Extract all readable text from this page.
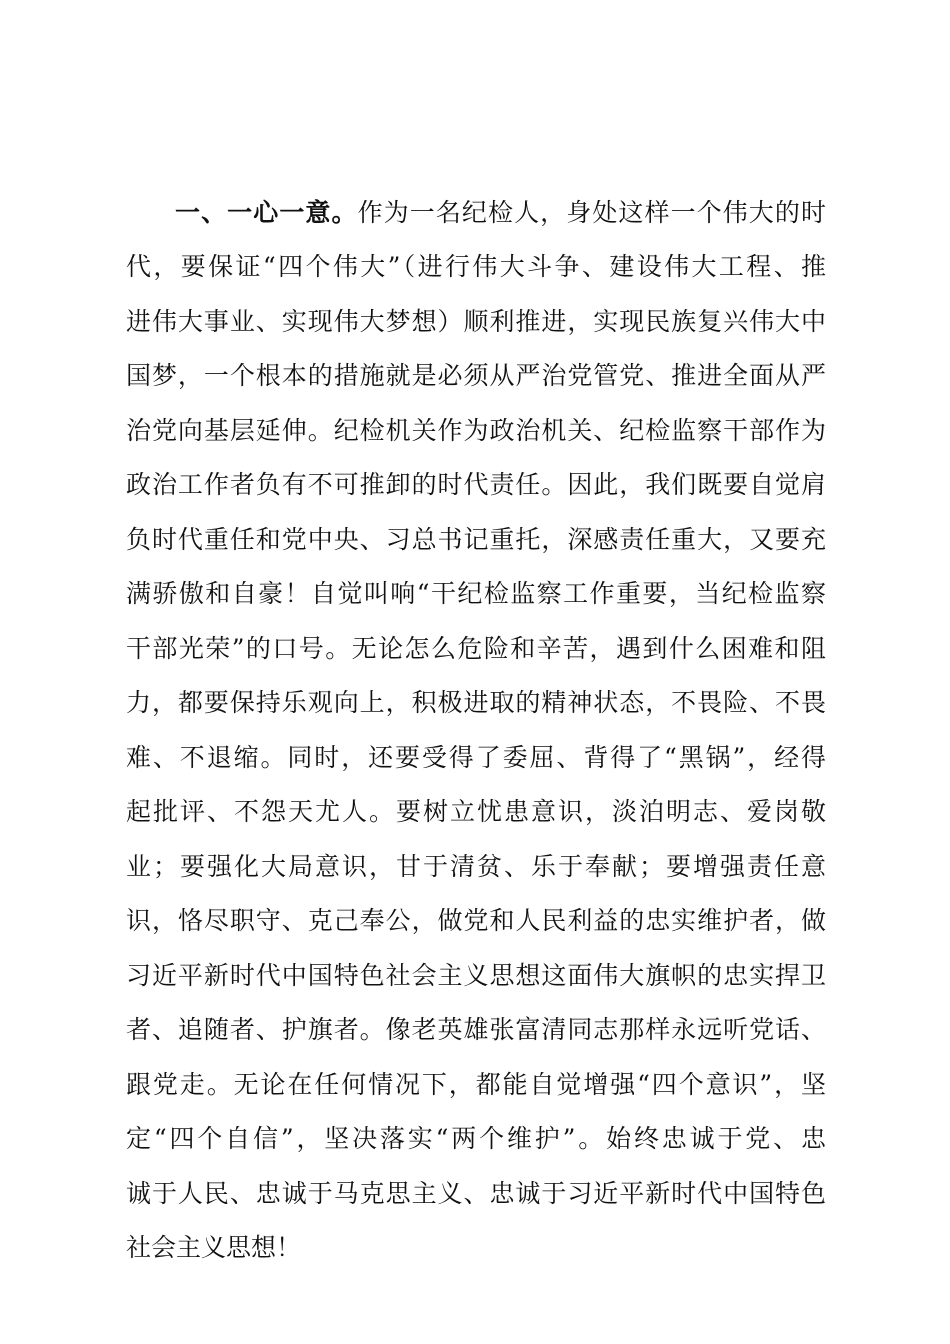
一、一心一意。作为一名纪检人，身处这样一个伟大的时
代，要保证“四个伟大”（进行伟大斗争、建设伟大工程、推
进伟大事业、实现伟大梦想）顺利推进，实现民族复兴伟大中
国梦，一个根本的措施就是必须从严治党管党、推进全面从严
治党向基层延伸。纪检机关作为政治机关、纪检监察干部作为
政治工作者负有不可推卸的时代责任。因此，我们既要自觉肩
负时代重任和党中央、习总书记重托，深感责任重大，又要充
满骄傲和自豪！自觉叫响“干纪检监察工作重要，当纪检监察
干部光荣”的口号。无论怎么危险和辛苦，遇到什么困难和阻
力，都要保持乐观向上，积极进取的精神状态，不畏险、不畏
难、不退缩。同时，还要受得了委屈、背得了“黑锅”，经得
起批评、不怨天尤人。要树立忧患意识，淡泊明志、爱岗敬
业；要强化大局意识，甘于清贫、乐于奉献；要增强责任意
识，恪尽职守、克己奉公，做党和人民利益的忠实维护者，做
习近平新时代中国特色社会主义思想这面伟大旗帜的忠实捍卫
者、追随者、护旗者。像老英雄张富清同志那样永远听党话、
跟党走。无论在任何情况下，都能自觉增强“四个意识”，坚
定“四个自信”，坚决落实“两个维护”。始终忠诚于党、忠
诚于人民、忠诚于马克思主义、忠诚于习近平新时代中国特色
社会主义思想！
